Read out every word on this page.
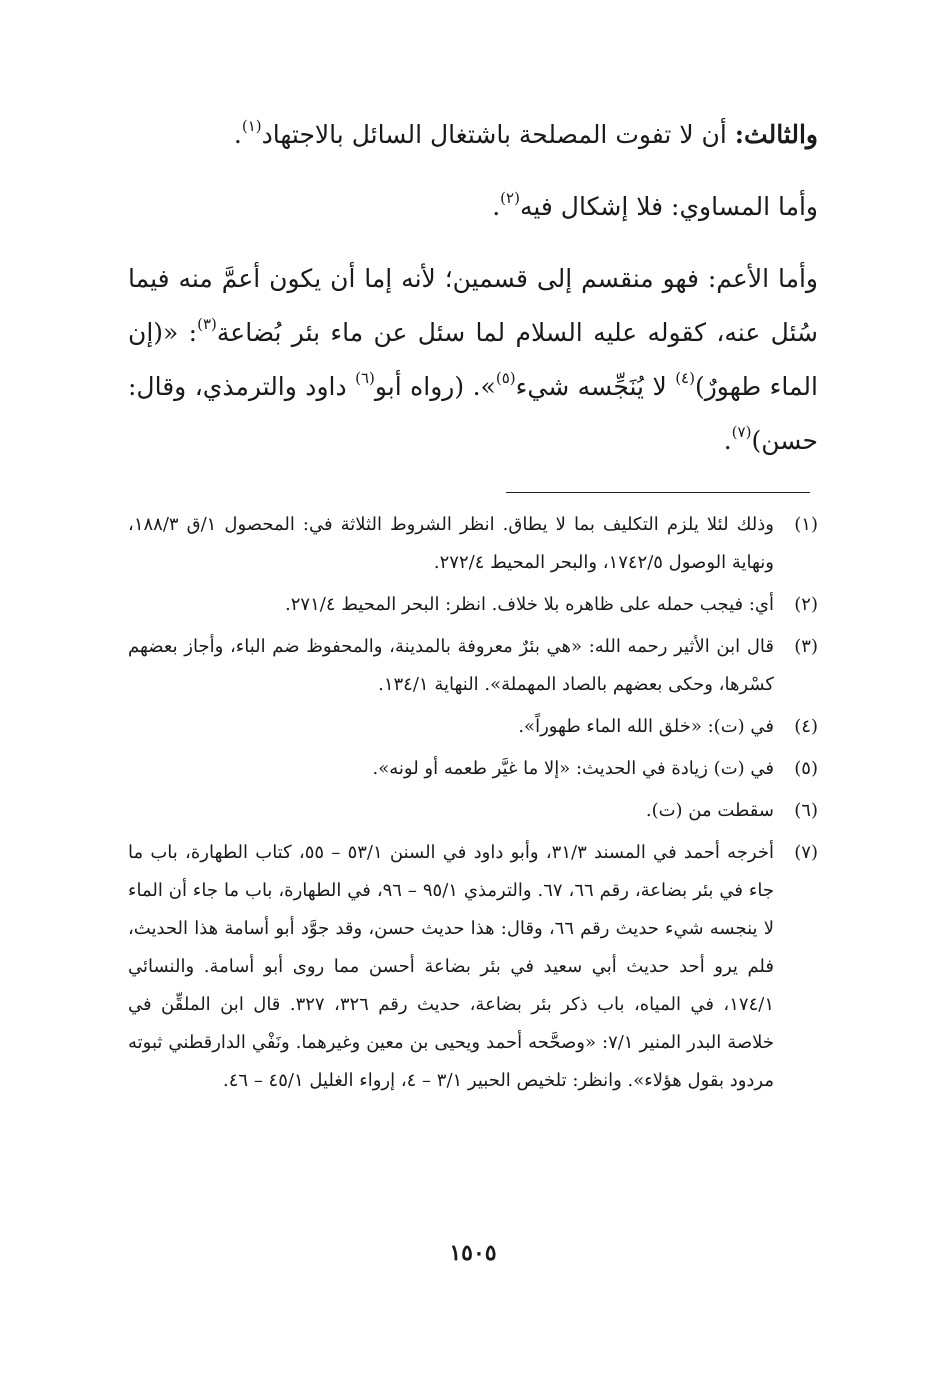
والثالث: أن لا تفوت المصلحة باشتغال السائل بالاجتهاد$^{(١)}$.

وأما المساوي: فلا إشكال فيه$^{(٢)}$.

وأما الأعم: فهو منقسم إلى قسمين؛ لأنه إما أن يكون أعمَّ منه فيما سُئل عنه، كقوله عليه السلام لما سئل عن ماء بئر بُضاعة$^{(٣)}$: «(إن الماء طهورٌ)$^{(٤)}$ لا يُنَجِّسه شيء$^{(٥)}$». (رواه أبو$^{(٦)}$ داود والترمذي، وقال: حسن)$^{(٧)}$.

(١)
وذلك لئلا يلزم التكليف بما لا يطاق. انظر الشروط الثلاثة في: المحصول ١/ق ١٨٨/٣، ونهاية الوصول ١٧٤٢/٥، والبحر المحيط ٢٧٢/٤.
(٢)
أي: فيجب حمله على ظاهره بلا خلاف. انظر: البحر المحيط ٢٧١/٤.
(٣)
قال ابن الأثير رحمه الله: «هي بئرٌ معروفة بالمدينة، والمحفوظ ضم الباء، وأجاز بعضهم كسْرها، وحكى بعضهم بالصاد المهملة». النهاية ١٣٤/١.
(٤)
في (ت): «خلق الله الماء طهوراً».
(٥)
في (ت) زيادة في الحديث: «إلا ما غيَّر طعمه أو لونه».
(٦)
سقطت من (ت).
(٧)
أخرجه أحمد في المسند ٣١/٣، وأبو داود في السنن ٥٣/١ – ٥٥، كتاب الطهارة، باب ما جاء في بئر بضاعة، رقم ٦٦، ٦٧. والترمذي ٩٥/١ – ٩٦، في الطهارة، باب ما جاء أن الماء لا ينجسه شيء حديث رقم ٦٦، وقال: هذا حديث حسن، وقد جوَّد أبو أسامة هذا الحديث، فلم يرو أحد حديث أبي سعيد في بئر بضاعة أحسن مما روى أبو أسامة. والنسائي ١٧٤/١، في المياه، باب ذكر بئر بضاعة، حديث رقم ٣٢٦، ٣٢٧. قال ابن الملقِّن في خلاصة البدر المنير ٧/١: «وصحَّحه أحمد ويحيى بن معين وغيرهما. ونَفْي الدارقطني ثبوته مردود بقول هؤلاء». وانظر: تلخيص الحبير ٣/١ – ٤، إرواء الغليل ٤٥/١ – ٤٦.
١٥٠٥
